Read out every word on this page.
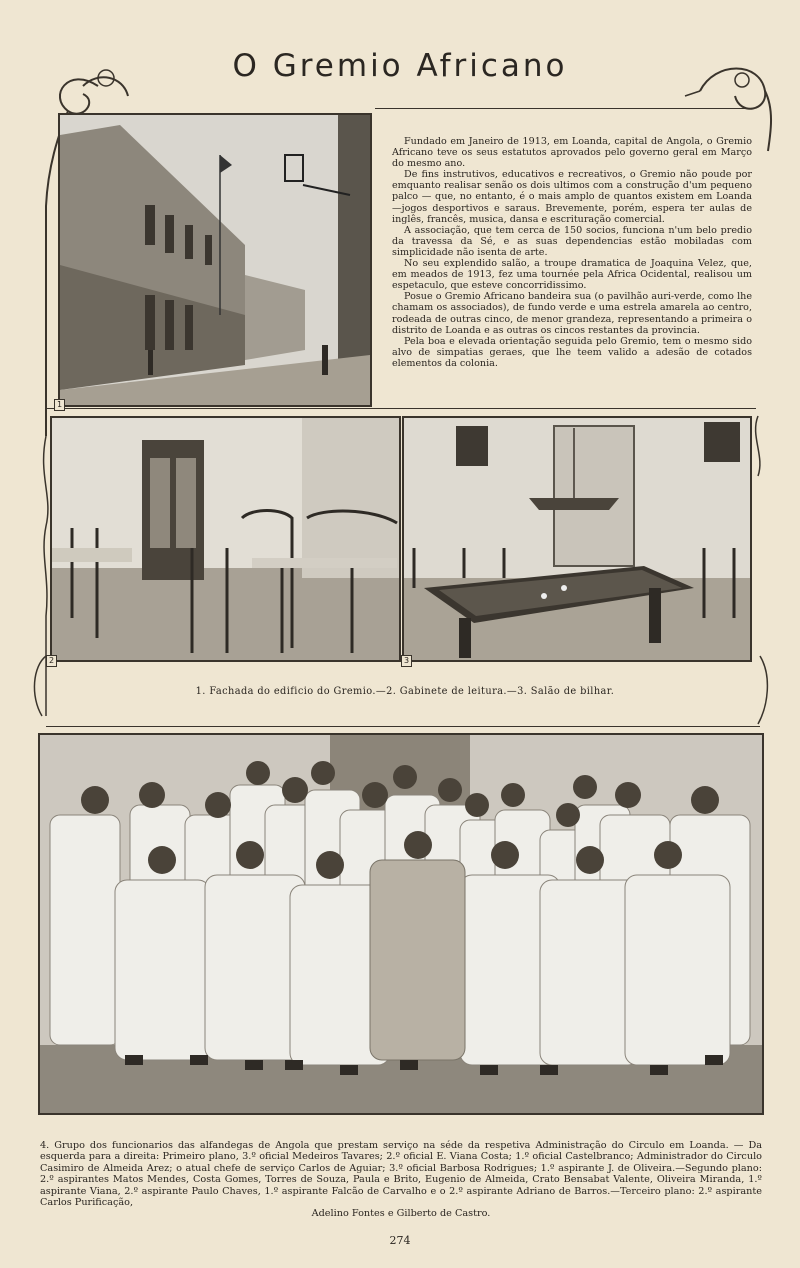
O Gremio Africano
1

Fundado em Janeiro de 1913, em Loanda, capital de Angola, o Gremio Africano teve os seus estatutos aprovados pelo governo geral em Março do mesmo ano.

De fins instrutivos, educativos e recreativos, o Gremio não poude por emquanto realisar senão os dois ultimos com a construção d'um pequeno palco — que, no entanto, é o mais amplo de quantos existem em Loanda—jogos desportivos e saraus. Brevemente, porém, espera ter aulas de inglês, francês, musica, dansa e escrituração comercial.

A associação, que tem cerca de 150 socios, funciona n'um belo predio da travessa da Sé, e as suas dependencias estão mobiladas com simplicidade não isenta de arte.

No seu explendido salão, a troupe dramatica de Joaquina Velez, que, em meados de 1913, fez uma tournée pela Africa Ocidental, realisou um espetaculo, que esteve concorridissimo.

Posue o Gremio Africano bandeira sua (o pavilhão auri-verde, como lhe chamam os associados), de fundo verde e uma estrela amarela ao centro, rodeada de outras cinco, de menor grandeza, representando a primeira o distrito de Loanda e as outras os cincos restantes da provincia.

Pela boa e elevada orientação seguida pelo Gremio, tem o mesmo sido alvo de simpatias geraes, que lhe teem valido a adesão de cotados elementos da colonia.

2	3
1. Fachada do edificio do Gremio.—2. Gabinete de leitura.—3. Salão de bilhar.
4. Grupo dos funcionarios das alfandegas de Angola que prestam serviço na séde da respetiva Administração do Circulo em Loanda. — Da esquerda para a direita: Primeiro plano, 3.º oficial Medeiros Tavares; 2.º oficial E. Viana Costa; 1.º oficial Castelbranco; Administrador do Circulo Casimiro de Almeida Arez; o atual chefe de serviço Carlos de Aguiar; 3.º oficial Barbosa Rodrigues; 1.º aspirante J. de Oliveira.—Segundo plano: 2.º aspirantes Matos Mendes, Costa Gomes, Torres de Souza, Paula e Brito, Eugenio de Almeida, Crato Bensabat Valente, Oliveira Miranda, 1.º aspirante Viana, 2.º aspirante Paulo Chaves, 1.º aspirante Falcão de Carvalho e o 2.º aspirante Adriano de Barros.—Terceiro plano: 2.º aspirante Carlos Purificação,
Adelino Fontes e Gilberto de Castro.
274
